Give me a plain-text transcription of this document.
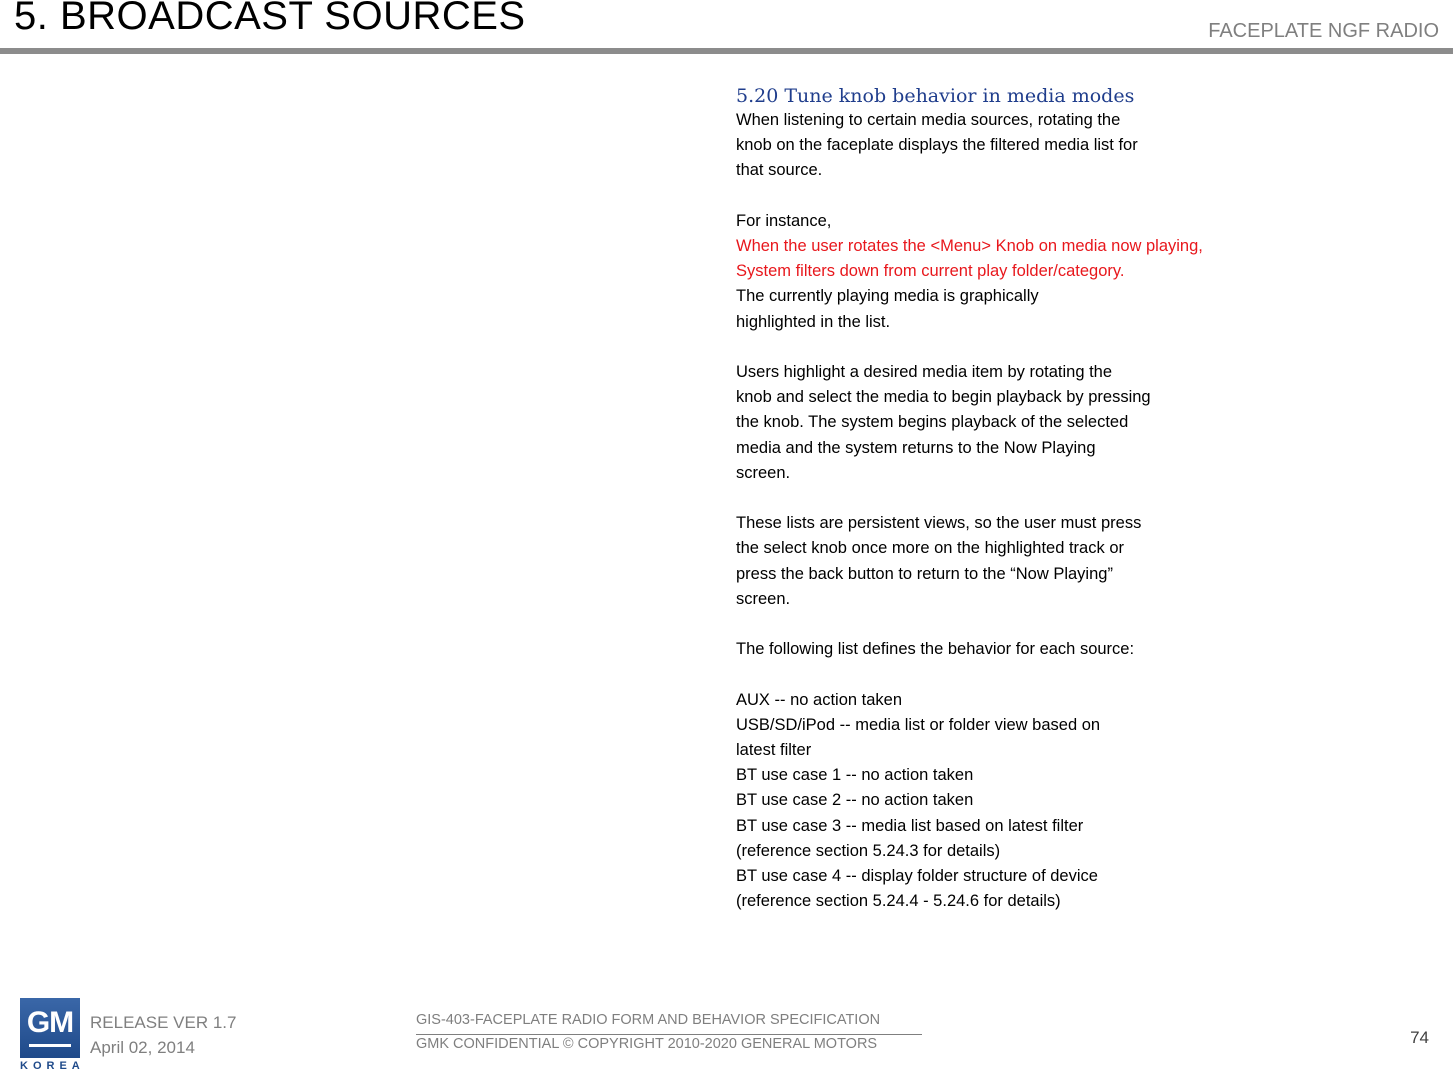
5. BROADCAST SOURCES	FACEPLATE NGF RADIO
5.20 Tune knob behavior in media modes
When listening to certain media sources, rotating the
knob on the faceplate displays the filtered media list for
that source.
For instance,
When the user rotates the <Menu> Knob on media now playing,
System filters down from current play folder/category.
The currently playing media is graphically
highlighted in the list.
Users highlight a desired media item by rotating the
knob and select the media to begin playback by pressing
the knob. The system begins playback of the selected
media and the system returns to the Now Playing
screen.
These lists are persistent views, so the user must press
the select knob once more on the highlighted track or
press the back button to return to the “Now Playing”
screen.
The following list defines the behavior for each source:
AUX -- no action taken
USB/SD/iPod -- media list or folder view based on
latest filter
BT use case 1 -- no action taken
BT use case 2 -- no action taken
BT use case 3 -- media list based on latest filter
(reference section 5.24.3 for details)
BT use case 4 -- display folder structure of device
(reference section 5.24.4 - 5.24.6 for details)
GM
KOREA
RELEASE VER 1.7
April 02, 2014
GIS-403-FACEPLATE RADIO FORM AND BEHAVIOR SPECIFICATION
GMK CONFIDENTIAL © COPYRIGHT 2010-2020 GENERAL MOTORS	74
